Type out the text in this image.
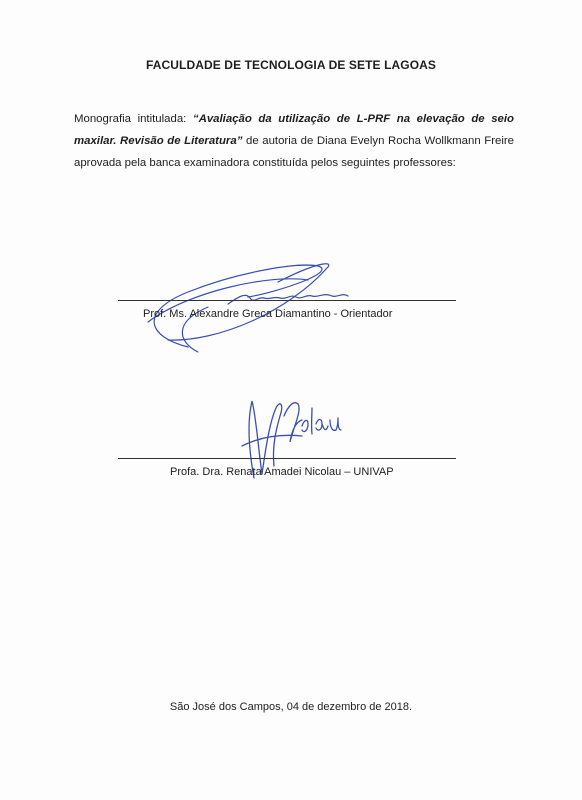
FACULDADE DE TECNOLOGIA DE SETE LAGOAS

Monografia intitulada: “Avaliação da utilização de L-PRF na elevação de seio maxilar. Revisão de Literatura” de autoria de Diana Evelyn Rocha Wollkmann Freire aprovada pela banca examinadora constituída pelos seguintes professores:

Prof. Ms. Alexandre Greca Diamantino - Orientador
Profa. Dra. Renata Amadei Nicolau – UNIVAP
São José dos Campos, 04 de dezembro de 2018.
